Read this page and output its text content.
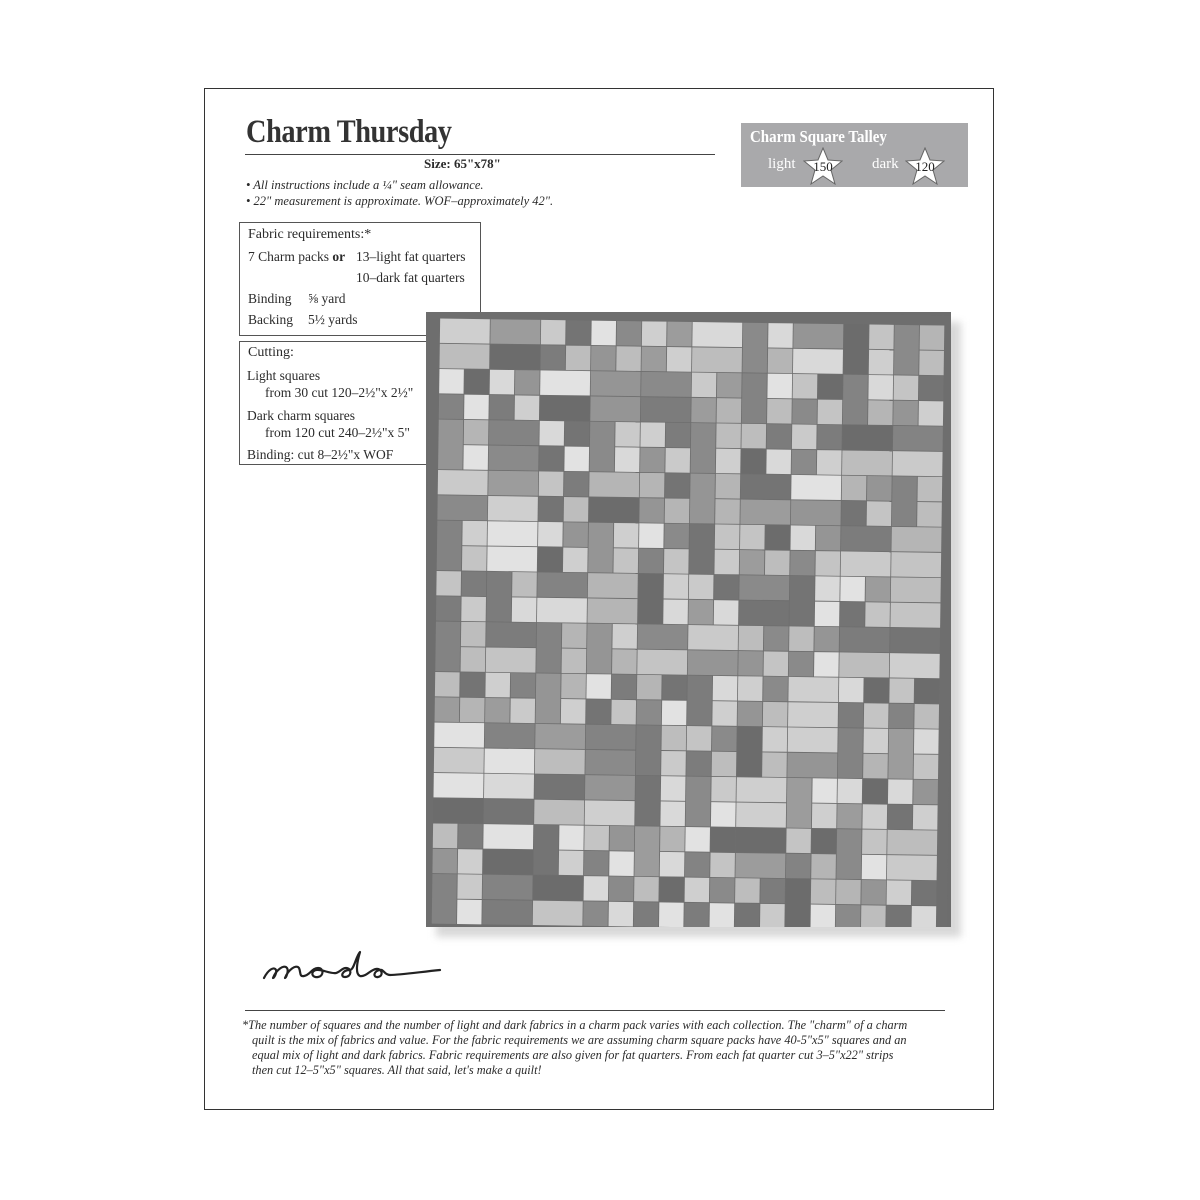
Charm Thursday
Size: 65"x78"
• All instructions include a ¼" seam allowance.
• 22" measurement is approximate. WOF–approximately 42".
Charm Square Talley
light	150	dark	120
Fabric requirements:*
7 Charm packs or 13–light fat quarters
10–dark fat quarters
Binding ⅝ yard
Backing 5½ yards
Cutting:
Light squares
from 30 cut 120–2½"x 2½"
Dark charm squares
from 120 cut 240–2½"x 5"
Binding: cut 8–2½"x WOF
*The number of squares and the number of light and dark fabrics in a charm pack varies with each collection. The "charm" of a charm
quilt is the mix of fabrics and value. For the fabric requirements we are assuming charm square packs have 40-5"x5" squares and an
equal mix of light and dark fabrics. Fabric requirements are also given for fat quarters. From each fat quarter cut 3–5"x22" strips
then cut 12–5"x5" squares. All that said, let's make a quilt!
